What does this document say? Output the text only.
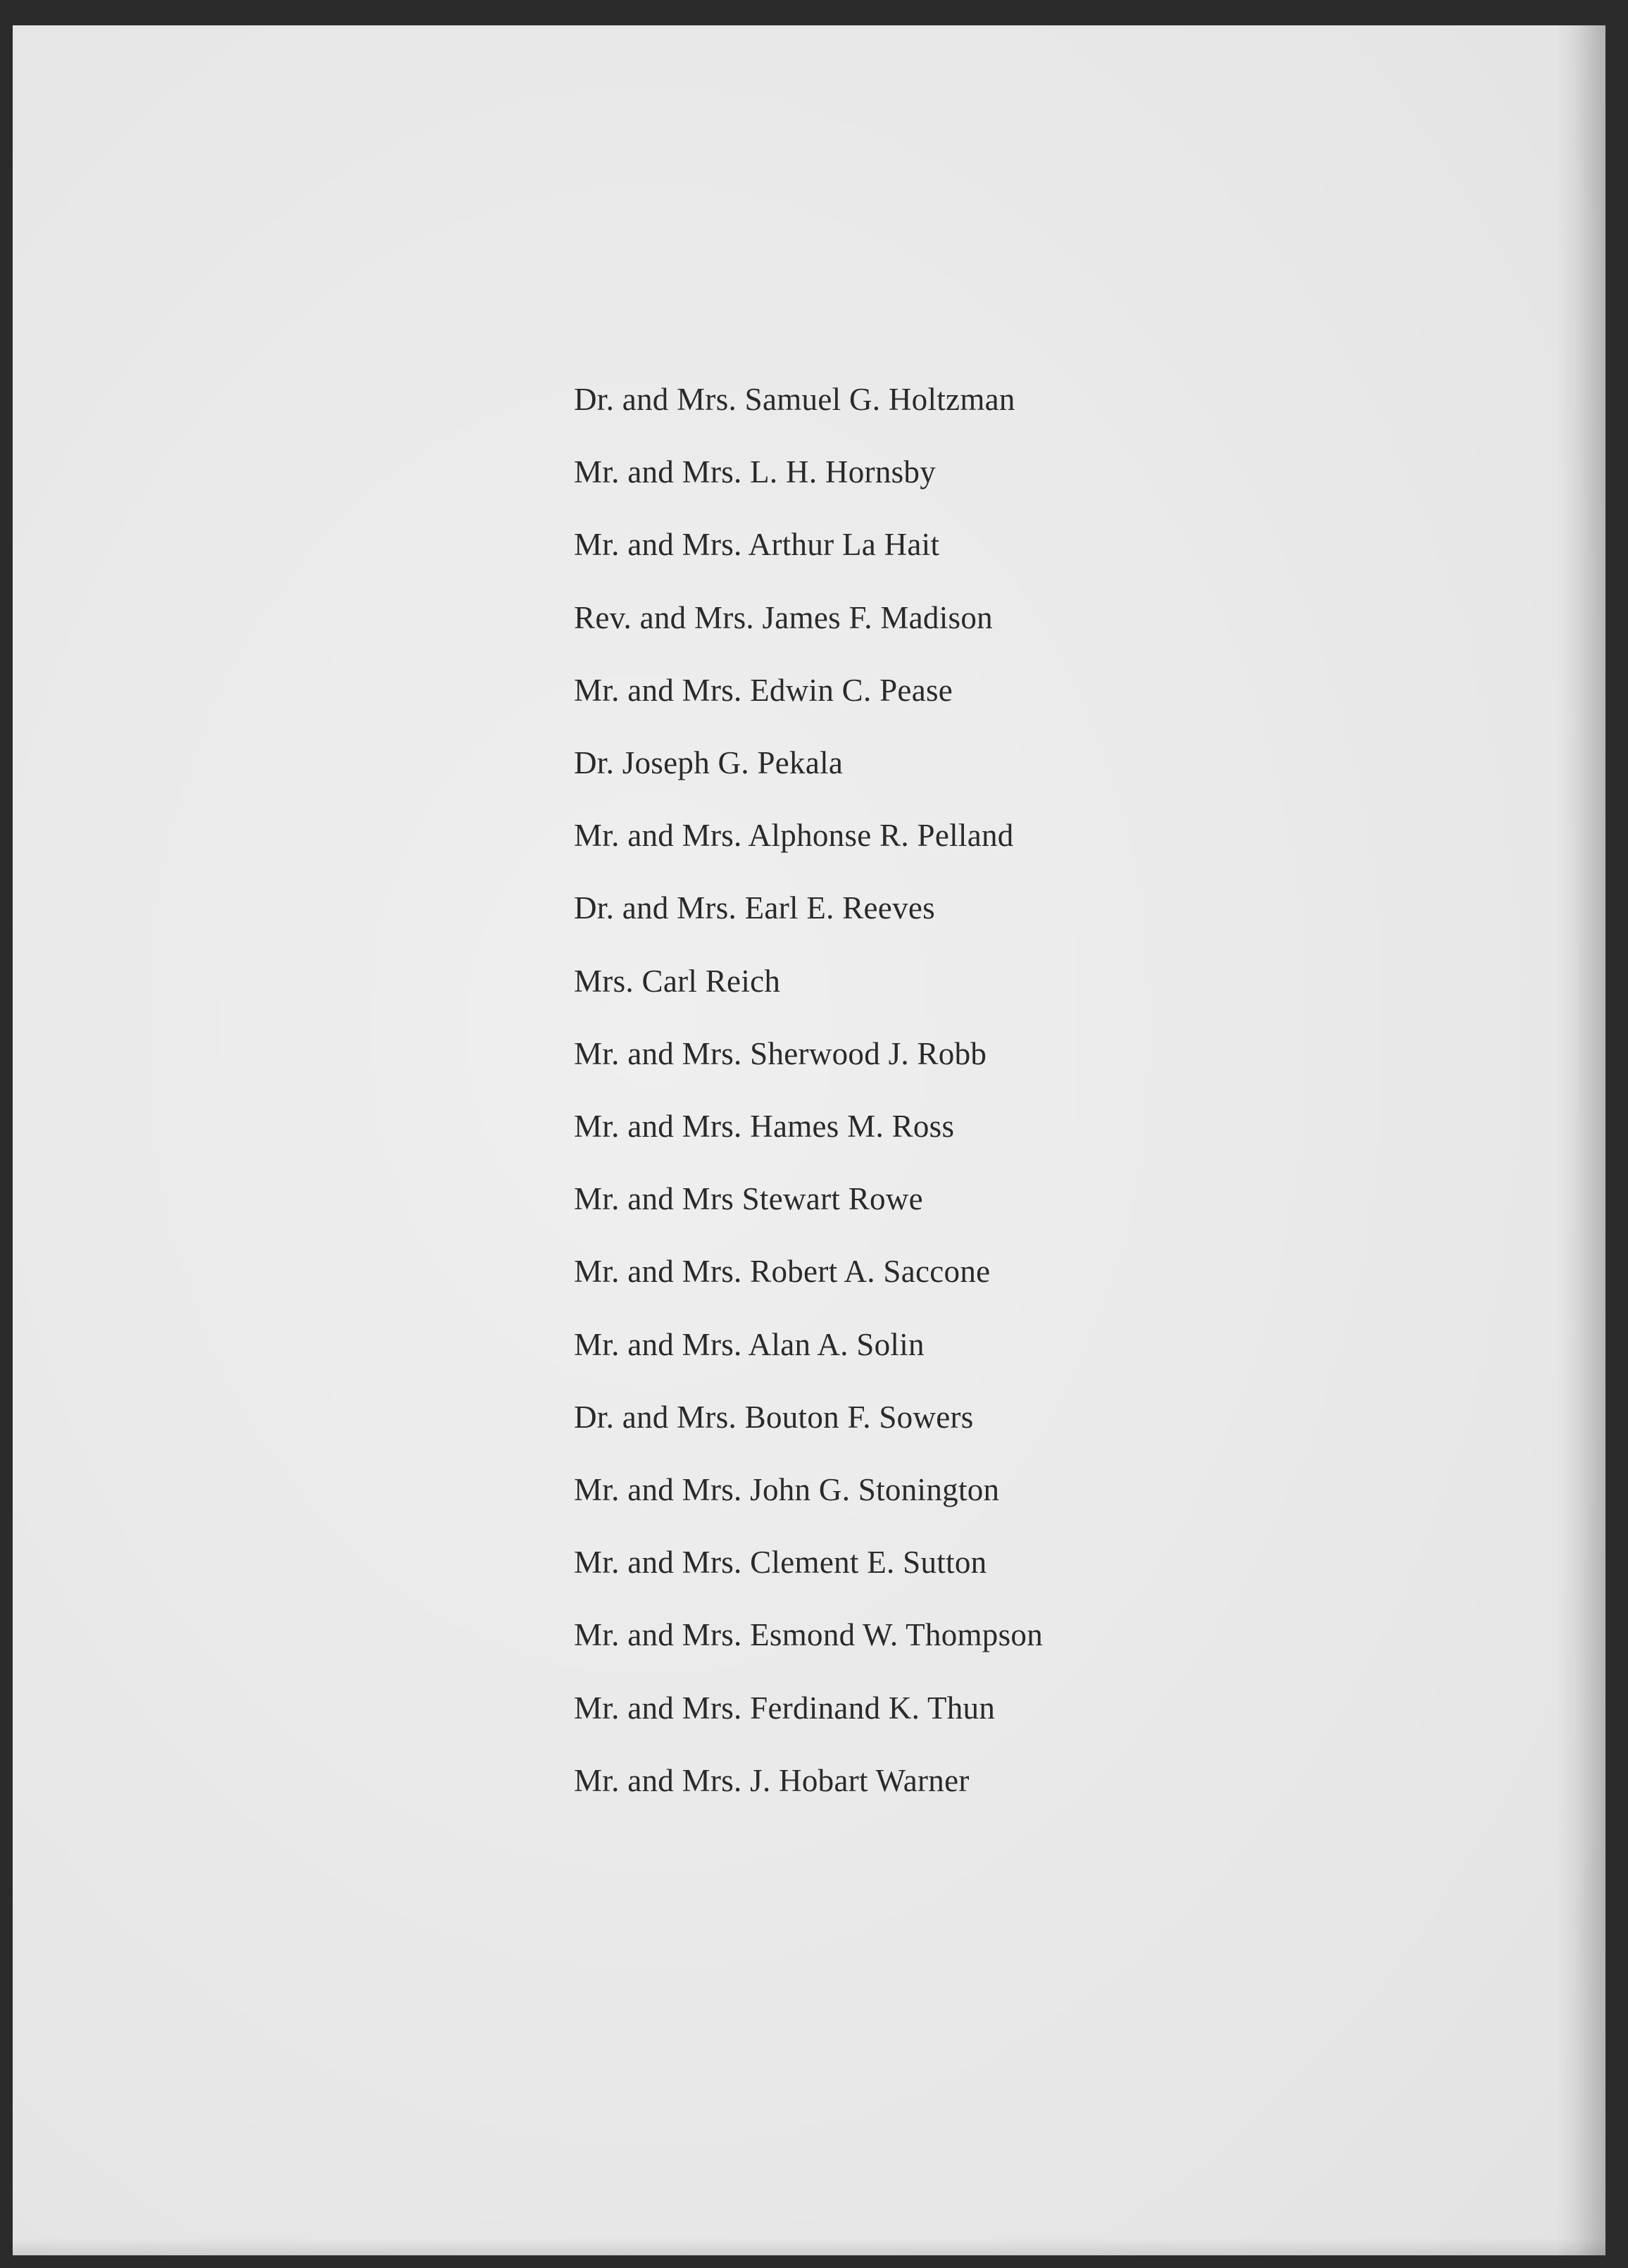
Dr. and Mrs. Samuel G. Holtzman
Mr. and Mrs. L. H. Hornsby
Mr. and Mrs. Arthur La Hait
Rev. and Mrs. James F. Madison
Mr. and Mrs. Edwin C. Pease
Dr. Joseph G. Pekala
Mr. and Mrs. Alphonse R. Pelland
Dr. and Mrs. Earl E. Reeves
Mrs. Carl Reich
Mr. and Mrs. Sherwood J. Robb
Mr. and Mrs. Hames M. Ross
Mr. and Mrs Stewart Rowe
Mr. and Mrs. Robert A. Saccone
Mr. and Mrs. Alan A. Solin
Dr. and Mrs. Bouton F. Sowers
Mr. and Mrs. John G. Stonington
Mr. and Mrs. Clement E. Sutton
Mr. and Mrs. Esmond W. Thompson
Mr. and Mrs. Ferdinand K. Thun
Mr. and Mrs. J. Hobart Warner
